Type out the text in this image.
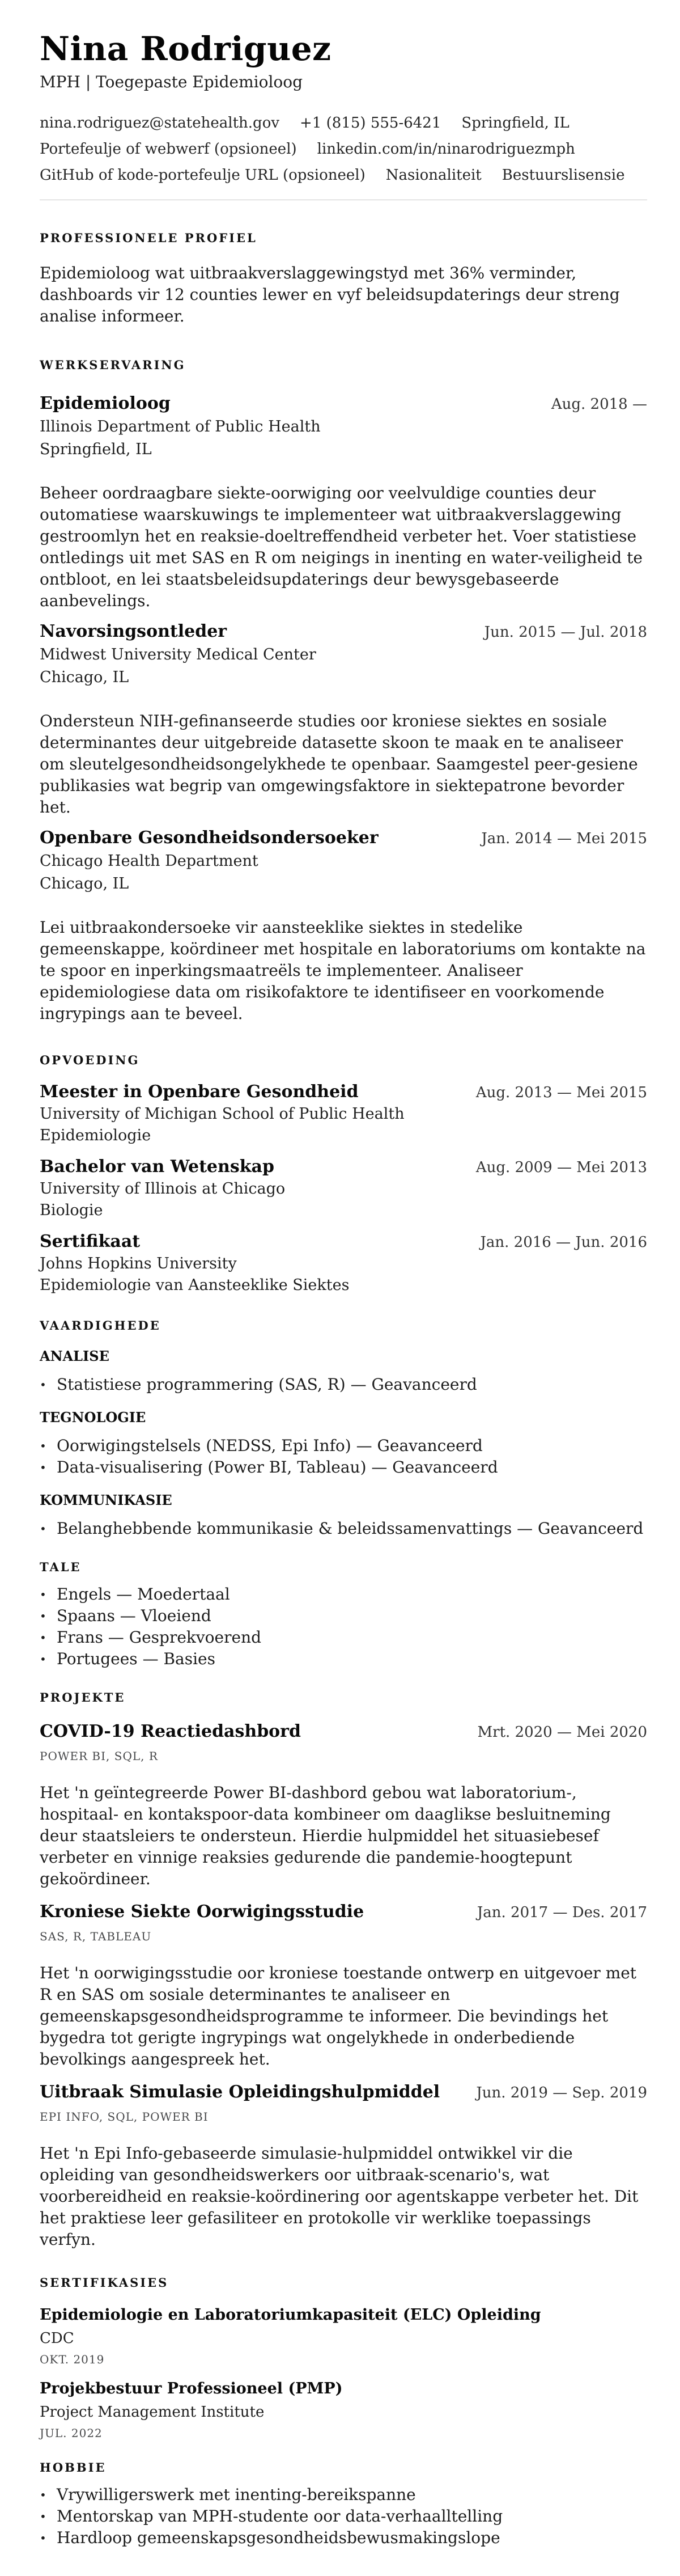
Nina Rodriguez
MPH | Toegepaste Epidemioloog
nina.rodriguez@statehealth.gov +1 (815) 555-6421 Springfield, IL
Portefeulje of webwerf (opsioneel) linkedin.com/in/ninarodriguezmph
GitHub of kode-portefeulje URL (opsioneel) Nasionaliteit Bestuurslisensie
PROFESSIONELE PROFIEL

Epidemioloog wat uitbraakverslaggewingstyd met 36% verminder, dashboards vir 12 counties lewer en vyf beleidsupdaterings deur streng analise informeer.

WERKSERVARING
Epidemioloog	Aug. 2018 —
Illinois Department of Public Health
Springfield, IL

Beheer oordraagbare siekte-oorwiging oor veelvuldige counties deur outomatiese waarskuwings te implementeer wat uitbraakverslaggewing gestroomlyn het en reaksie-doeltreffendheid verbeter het. Voer statistiese ontledings uit met SAS en R om neigings in inenting en water-veiligheid te ontbloot, en lei staatsbeleidsupdaterings deur bewysgebaseerde aanbevelings.

Navorsingsontleder	Jun. 2015 — Jul. 2018
Midwest University Medical Center
Chicago, IL

Ondersteun NIH-gefinanseerde studies oor kroniese siektes en sosiale determinantes deur uitgebreide datasette skoon te maak en te analiseer om sleutelgesondheidsongelykhede te openbaar. Saamgestel peer-gesiene publikasies wat begrip van omgewingsfaktore in siektepatrone bevorder het.

Openbare Gesondheidsondersoeker	Jan. 2014 — Mei 2015
Chicago Health Department
Chicago, IL

Lei uitbraakondersoeke vir aansteeklike siektes in stedelike gemeenskappe, koördineer met hospitale en laboratoriums om kontakte na te spoor en inperkingsmaatreëls te implementeer. Analiseer epidemiologiese data om risikofaktore te identifiseer en voorkomende ingrypings aan te beveel.

OPVOEDING
Meester in Openbare Gesondheid	Aug. 2013 — Mei 2015
University of Michigan School of Public Health
Epidemiologie
Bachelor van Wetenskap	Aug. 2009 — Mei 2013
University of Illinois at Chicago
Biologie
Sertifikaat	Jan. 2016 — Jun. 2016
Johns Hopkins University
Epidemiologie van Aansteeklike Siektes
VAARDIGHEDE
ANALISE
• Statistiese programmering (SAS, R) — Geavanceerd
TEGNOLOGIE
• Oorwigingstelsels (NEDSS, Epi Info) — Geavanceerd
• Data-visualisering (Power BI, Tableau) — Geavanceerd
KOMMUNIKASIE
• Belanghebbende kommunikasie & beleidssamenvattings — Geavanceerd
TALE
• Engels — Moedertaal
• Spaans — Vloeiend
• Frans — Gesprekvoerend
• Portugees — Basies
PROJEKTE
COVID-19 Reactiedashbord	Mrt. 2020 — Mei 2020
POWER BI, SQL, R

Het 'n geïntegreerde Power BI-dashbord gebou wat laboratorium-, hospitaal- en kontakspoor-data kombineer om daaglikse besluitneming deur staatsleiers te ondersteun. Hierdie hulpmiddel het situasiebesef verbeter en vinnige reaksies gedurende die pandemie-hoogtepunt gekoördineer.

Kroniese Siekte Oorwigingsstudie	Jan. 2017 — Des. 2017
SAS, R, TABLEAU

Het 'n oorwigingsstudie oor kroniese toestande ontwerp en uitgevoer met R en SAS om sosiale determinantes te analiseer en gemeenskapsgesondheidsprogramme te informeer. Die bevindings het bygedra tot gerigte ingrypings wat ongelykhede in onderbediende bevolkings aangespreek het.

Uitbraak Simulasie Opleidingshulpmiddel Jun. 2019 — Sep. 2019
EPI INFO, SQL, POWER BI

Het 'n Epi Info-gebaseerde simulasie-hulpmiddel ontwikkel vir die opleiding van gesondheidswerkers oor uitbraak-scenario's, wat voorbereidheid en reaksie-koördinering oor agentskappe verbeter het. Dit het praktiese leer gefasiliteer en protokolle vir werklike toepassings verfyn.

SERTIFIKASIES
Epidemiologie en Laboratoriumkapasiteit (ELC) Opleiding
CDC
OKT. 2019
Projekbestuur Professioneel (PMP)
Project Management Institute
JUL. 2022
HOBBIE
• Vrywilligerswerk met inenting-bereikspanne
• Mentorskap van MPH-studente oor data-verhaalltelling
• Hardloop gemeenskapsgesondheidsbewusmakingslope
